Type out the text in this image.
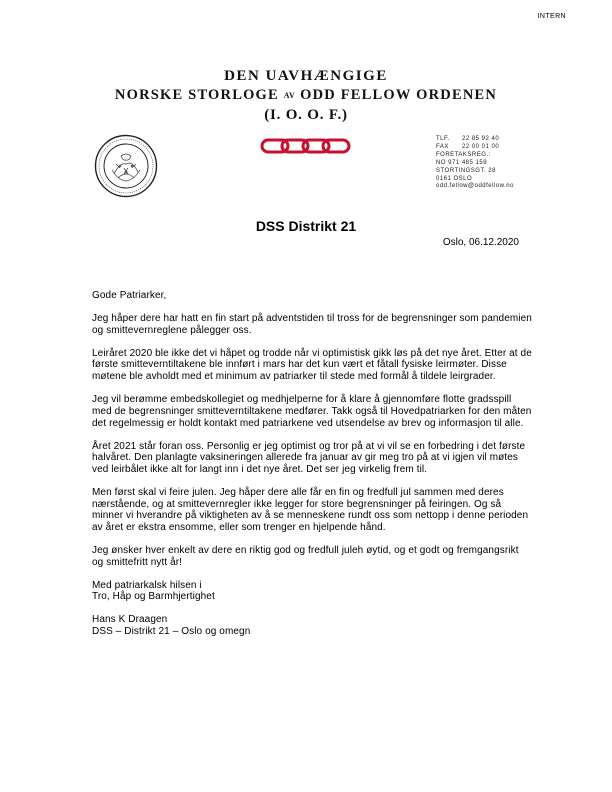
INTERN
DEN UAVHÆNGIGE
NORSKE STORLOGE AV ODD FELLOW ORDENEN
(I. O. O. F.)
TLF. 22 85 92 40
FAX 22 00 01 00
FORETAKSREG.:
NO 971 485 159
STORTINGSGT. 28
0161 OSLO
odd.fellow@oddfellow.no
DSS Distrikt 21
Oslo, 06.12.2020

Gode Patriarker,

Jeg håper dere har hatt en fin start på adventstiden til tross for de begrensninger som pandemien og smittevernreglene pålegger oss.

Leiråret 2020 ble ikke det vi håpet og trodde når vi optimistisk gikk løs på det nye året. Etter at de første smitteverntiltakene ble innført i mars har det kun vært et fåtall fysiske leirmøter. Disse møtene ble avholdt med et minimum av patriarker til stede med formål å tildele leirgrader.

Jeg vil berømme embedskollegiet og medhjelperne for å klare å gjennomføre flotte gradsspill med de begrensninger smitteverntiltakene medfører. Takk også til Hovedpatriarken for den måten det regelmessig er holdt kontakt med patriarkene ved utsendelse av brev og informasjon til alle.

Året 2021 står foran oss. Personlig er jeg optimist og tror på at vi vil se en forbedring i det første halvåret. Den planlagte vaksineringen allerede fra januar av gir meg tro på at vi igjen vil møtes ved leirbålet ikke alt for langt inn i det nye året. Det ser jeg virkelig frem til.

Men først skal vi feire julen. Jeg håper dere alle får en fin og fredfull jul sammen med deres nærstående, og at smittevernregler ikke legger for store begrensninger på feiringen. Og så minner vi hverandre på viktigheten av å se menneskene rundt oss som nettopp i denne perioden av året er ekstra ensomme, eller som trenger en hjelpende hånd.

Jeg ønsker hver enkelt av dere en riktig god og fredfull juleh øytid, og et godt og fremgangsrikt og smittefritt nytt år!

Med patriarkalsk hilsen i
Tro, Håp og Barmhjertighet

Hans K Draagen
DSS – Distrikt 21 – Oslo og omegn
